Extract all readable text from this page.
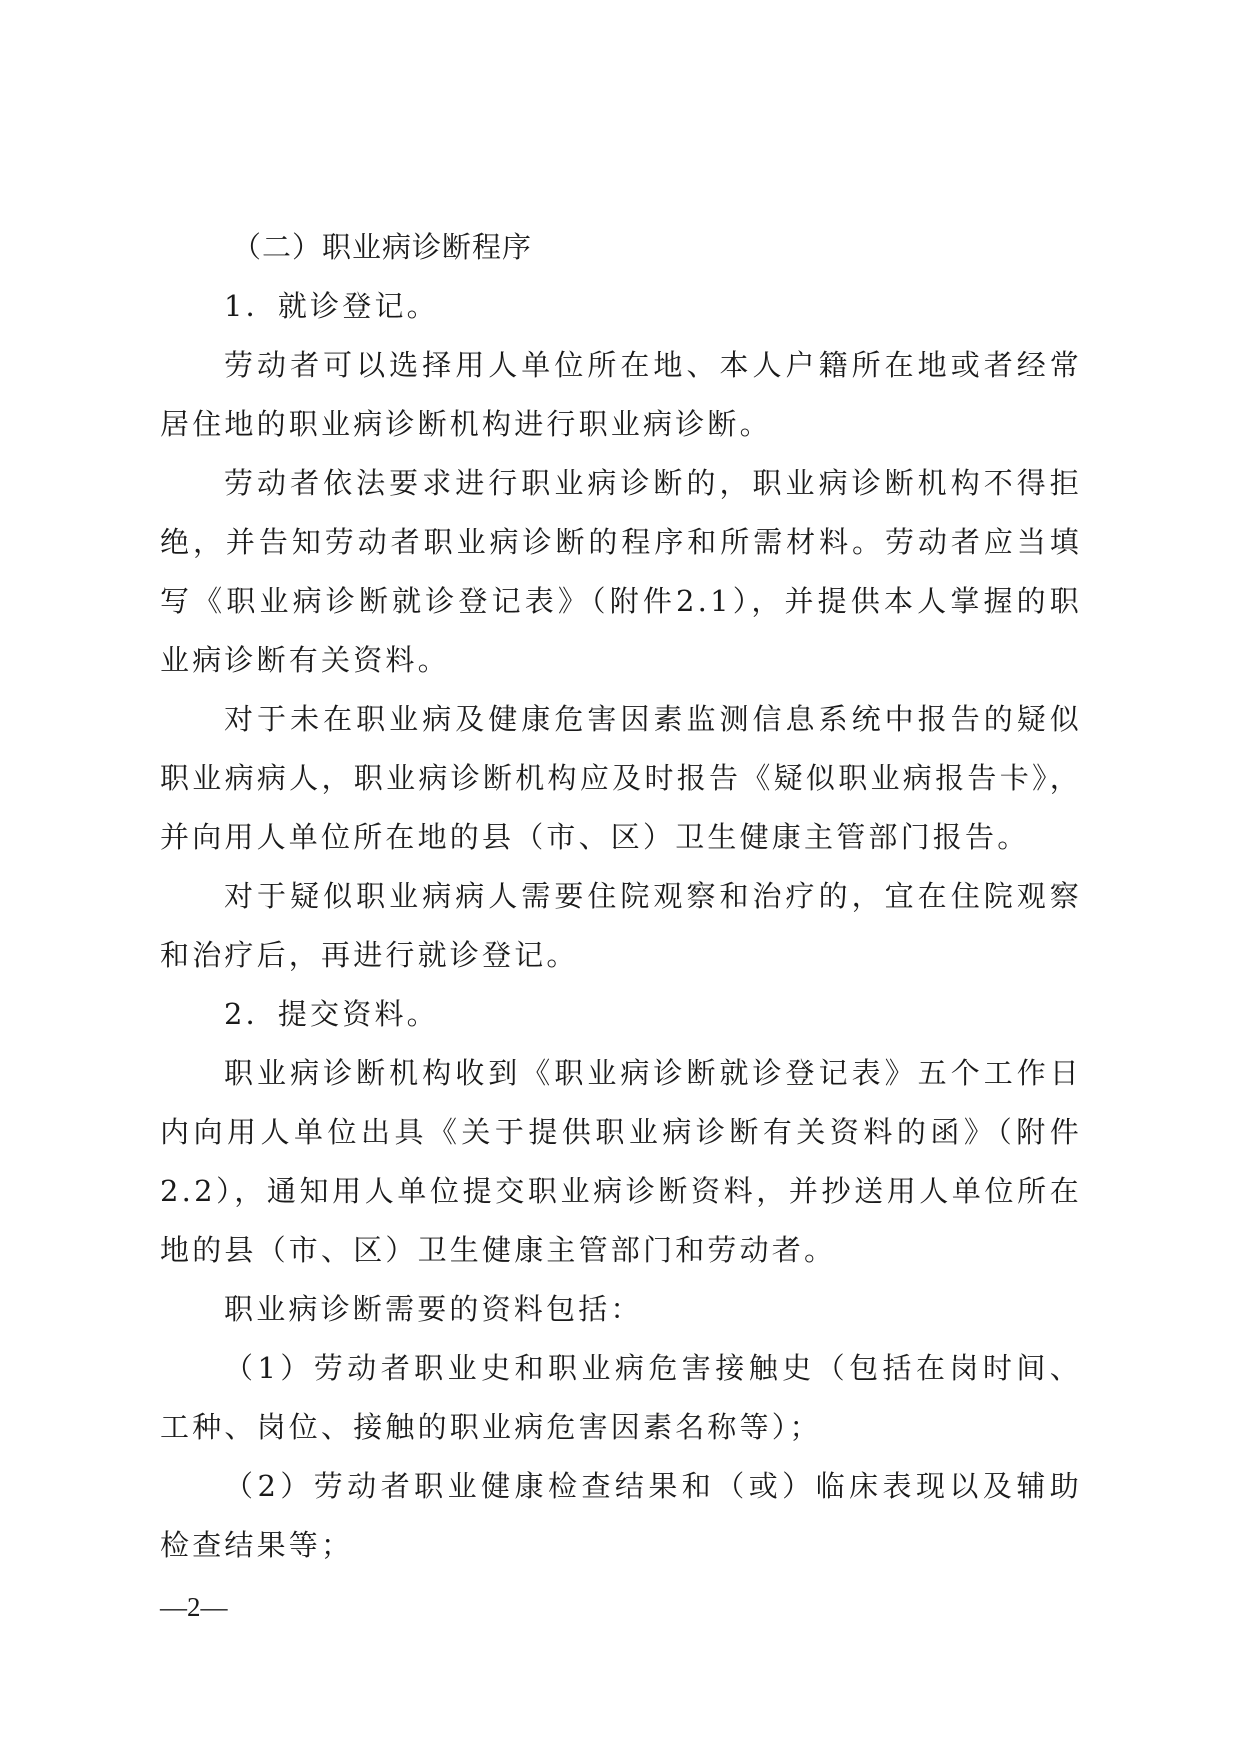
（二）职业病诊断程序

1．就诊登记。

劳动者可以选择用人单位所在地、本人户籍所在地或者经常居住地的职业病诊断机构进行职业病诊断。

劳动者依法要求进行职业病诊断的，职业病诊断机构不得拒绝，并告知劳动者职业病诊断的程序和所需材料。劳动者应当填写《职业病诊断就诊登记表》（附件2.1），并提供本人掌握的职业病诊断有关资料。

对于未在职业病及健康危害因素监测信息系统中报告的疑似职业病病人，职业病诊断机构应及时报告《疑似职业病报告卡》，并向用人单位所在地的县（市、区）卫生健康主管部门报告。

对于疑似职业病病人需要住院观察和治疗的，宜在住院观察和治疗后，再进行就诊登记。

2．提交资料。

职业病诊断机构收到《职业病诊断就诊登记表》五个工作日内向用人单位出具《关于提供职业病诊断有关资料的函》（附件2.2），通知用人单位提交职业病诊断资料，并抄送用人单位所在地的县（市、区）卫生健康主管部门和劳动者。

职业病诊断需要的资料包括：

（1）劳动者职业史和职业病危害接触史（包括在岗时间、工种、岗位、接触的职业病危害因素名称等）；

（2）劳动者职业健康检查结果和（或）临床表现以及辅助检查结果等；

—2—
